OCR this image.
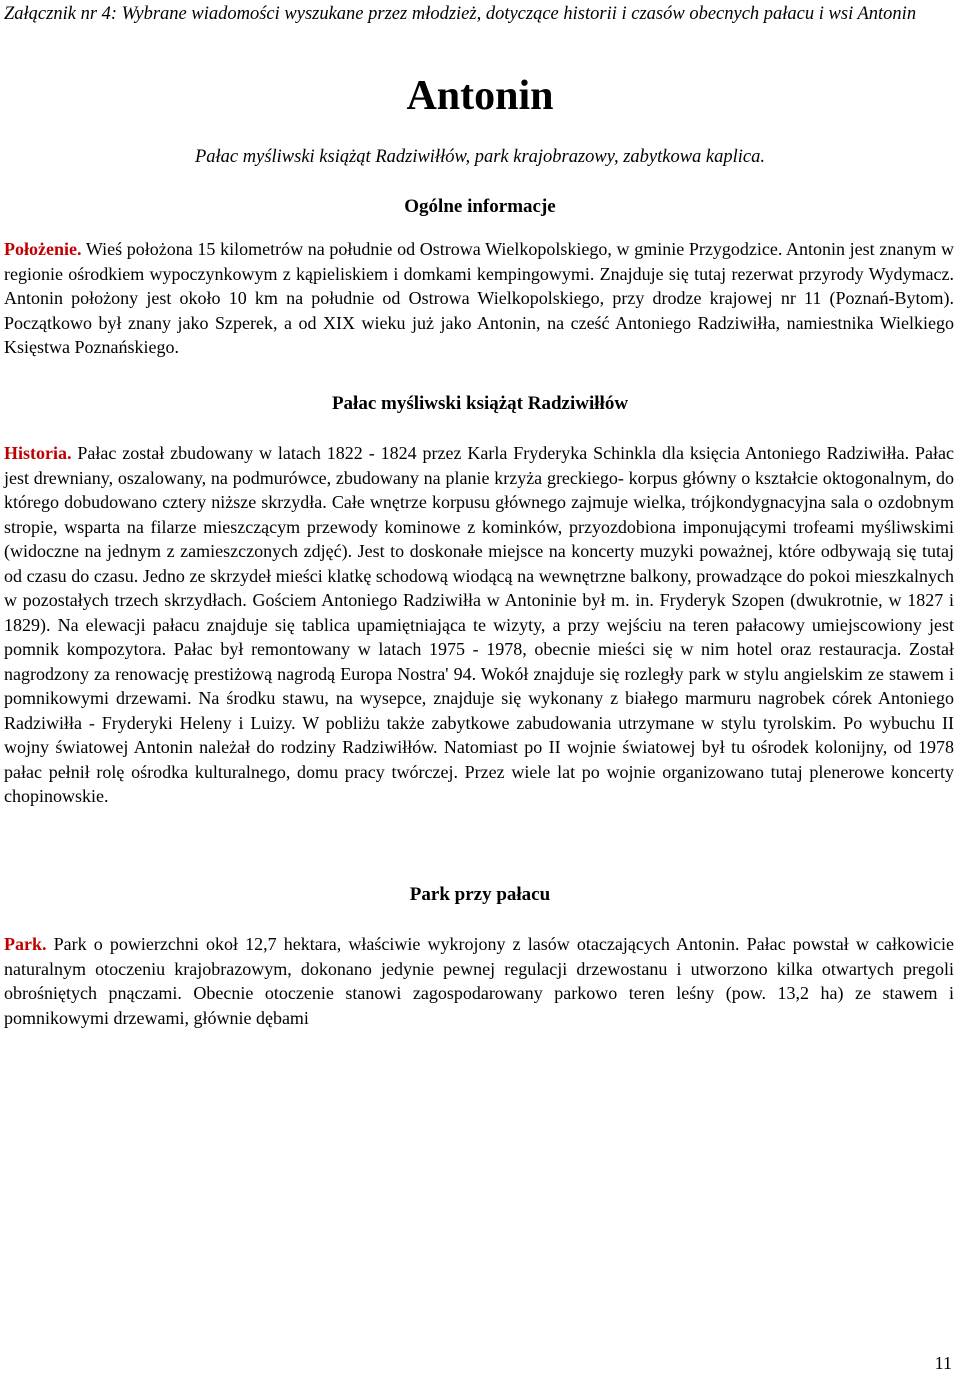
Załącznik nr 4: Wybrane wiadomości wyszukane przez młodzież, dotyczące historii i czasów obecnych pałacu i wsi Antonin

Antonin

Pałac myśliwski książąt Radziwiłłów, park krajobrazowy, zabytkowa kaplica.

Ogólne informacje

Położenie. Wieś położona 15 kilometrów na południe od Ostrowa Wielkopolskiego, w gminie Przygodzice. Antonin jest znanym w regionie ośrodkiem wypoczynkowym z kąpieliskiem i domkami kempingowymi. Znajduje się tutaj rezerwat przyrody Wydymacz. Antonin położony jest około 10 km na południe od Ostrowa Wielkopolskiego, przy drodze krajowej nr 11 (Poznań-Bytom). Początkowo był znany jako Szperek, a od XIX wieku już jako Antonin, na cześć Antoniego Radziwiłła, namiestnika Wielkiego Księstwa Poznańskiego.

Pałac myśliwski książąt Radziwiłłów

Historia. Pałac został zbudowany w latach 1822 - 1824 przez Karla Fryderyka Schinkla dla księcia Antoniego Radziwiłła. Pałac jest drewniany, oszalowany, na podmurówce, zbudowany na planie krzyża greckiego- korpus główny o kształcie oktogonalnym, do którego dobudowano cztery niższe skrzydła. Całe wnętrze korpusu głównego zajmuje wielka, trójkondygnacyjna sala o ozdobnym stropie, wsparta na filarze mieszczącym przewody kominowe z kominków, przyozdobiona imponującymi trofeami myśliwskimi (widoczne na jednym z zamieszczonych zdjęć). Jest to doskonałe miejsce na koncerty muzyki poważnej, które odbywają się tutaj od czasu do czasu. Jedno ze skrzydeł mieści klatkę schodową wiodącą na wewnętrzne balkony, prowadzące do pokoi mieszkalnych w pozostałych trzech skrzydłach. Gościem Antoniego Radziwiłła w Antoninie był m. in. Fryderyk Szopen (dwukrotnie, w 1827 i 1829). Na elewacji pałacu znajduje się tablica upamiętniająca te wizyty, a przy wejściu na teren pałacowy umiejscowiony jest pomnik kompozytora. Pałac był remontowany w latach 1975 - 1978, obecnie mieści się w nim hotel oraz restauracja. Został nagrodzony za renowację prestiżową nagrodą Europa Nostra' 94. Wokół znajduje się rozległy park w stylu angielskim ze stawem i pomnikowymi drzewami. Na środku stawu, na wysepce, znajduje się wykonany z białego marmuru nagrobek córek Antoniego Radziwiłła - Fryderyki Heleny i Luizy. W pobliżu także zabytkowe zabudowania utrzymane w stylu tyrolskim. Po wybuchu II wojny światowej Antonin należał do rodziny Radziwiłłów. Natomiast po II wojnie światowej był tu ośrodek kolonijny, od 1978 pałac pełnił rolę ośrodka kulturalnego, domu pracy twórczej. Przez wiele lat po wojnie organizowano tutaj plenerowe koncerty chopinowskie.

Park przy pałacu

Park. Park o powierzchni okoł 12,7 hektara, właściwie wykrojony z lasów otaczających Antonin. Pałac powstał w całkowicie naturalnym otoczeniu krajobrazowym, dokonano jedynie pewnej regulacji drzewostanu i utworzono kilka otwartych pregoli obrośniętych pnączami. Obecnie otoczenie stanowi zagospodarowany parkowo teren leśny (pow. 13,2 ha) ze stawem i pomnikowymi drzewami, głównie dębami

11
